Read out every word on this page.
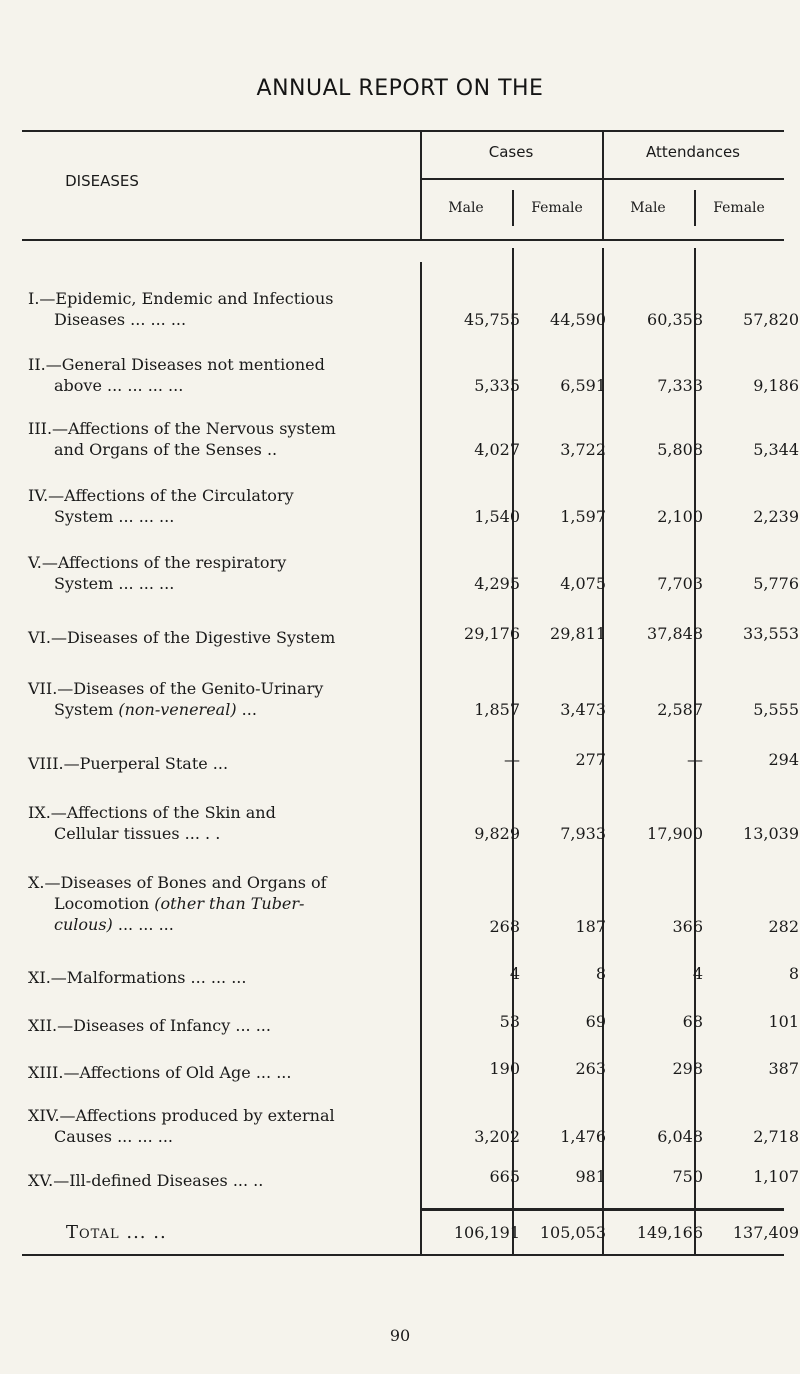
ANNUAL REPORT ON THE
DISEASES
Cases	Attendances
Male	Female	Male	Femalе
I.—Epidemic, Endemic and Infectious
Diseases ... ... ...	45,755	44,590	60,358	57,820
II.—General Diseases not mentioned
above ... ... ... ...	5,335	6,591	7,333	9,186
III.—Affections of the Nervous system
and Organs of the Senses ..	4,027	3,722	5,808	5,344
IV.—Affections of the Circulatory
System ... ... ...	1,540	1,597	2,100	2,239
V.—Affections of the respiratory
System ... ... ...	4,295	4,075	7,703	5,776
VI.—Diseases of the Digestive System	29,176	29,811	37,848	33,553
VII.—Diseases of the Genito-Urinary
System (non-venereal) ...	1,857	3,473	2,587	5,555
VIII.—Puerperal State ...	—	277	—	294
IX.—Affections of the Skin and
Cellular tissues ... . .	9,829	7,933	17,900	13,039
X.—Diseases of Bones and Organs of
Locomotion (other than Tuber-
culous) ... ... ...	268	187	366	282
XI.—Malformations ... ... ...	4	8	4	8
XII.—Diseases of Infancy ... ...	53	69	68	101
XIII.—Affections of Old Age ... ...	190	263	298	387
XIV.—Affections produced by external
Causes ... ... ...	3,202	1,476	6,048	2,718
XV.—Ill-defined Diseases ... ..	665	981	750	1,107
Total ... ..	106,191	105,053	149,166	137,409
90
